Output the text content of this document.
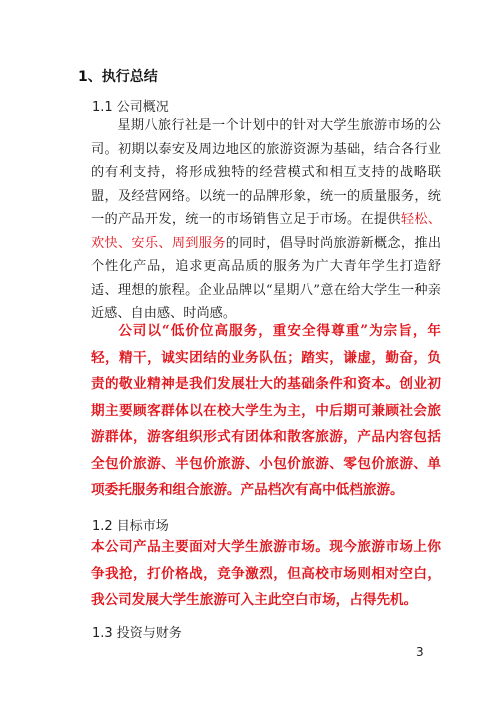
1、执行总结
1.1 公司概况

星期八旅行社是一个计划中的针对大学生旅游市场的公司。初期以泰安及周边地区的旅游资源为基础，结合各行业的有利支持，将形成独特的经营模式和相互支持的战略联盟，及经营网络。以统一的品牌形象，统一的质量服务，统一的产品开发，统一的市场销售立足于市场。在提供轻松、欢快、安乐、周到服务的同时，倡导时尚旅游新概念，推出个性化产品，追求更高品质的服务为广大青年学生打造舒适、理想的旅程。企业品牌以“星期八”意在给大学生一种亲近感、自由感、时尚感。

公司以“低价位高服务，重安全得尊重”为宗旨，年轻，精干，诚实团结的业务队伍；踏实，谦虚，勤奋，负责的敬业精神是我们发展壮大的基础条件和资本。创业初期主要顾客群体以在校大学生为主，中后期可兼顾社会旅游群体，游客组织形式有团体和散客旅游，产品内容包括全包价旅游、半包价旅游、小包价旅游、零包价旅游、单项委托服务和组合旅游。产品档次有高中低档旅游。

1.2 目标市场

本公司产品主要面对大学生旅游市场。现今旅游市场上你争我抢，打价格战，竞争激烈，但高校市场则相对空白，我公司发展大学生旅游可入主此空白市场，占得先机。

1.3 投资与财务
3
